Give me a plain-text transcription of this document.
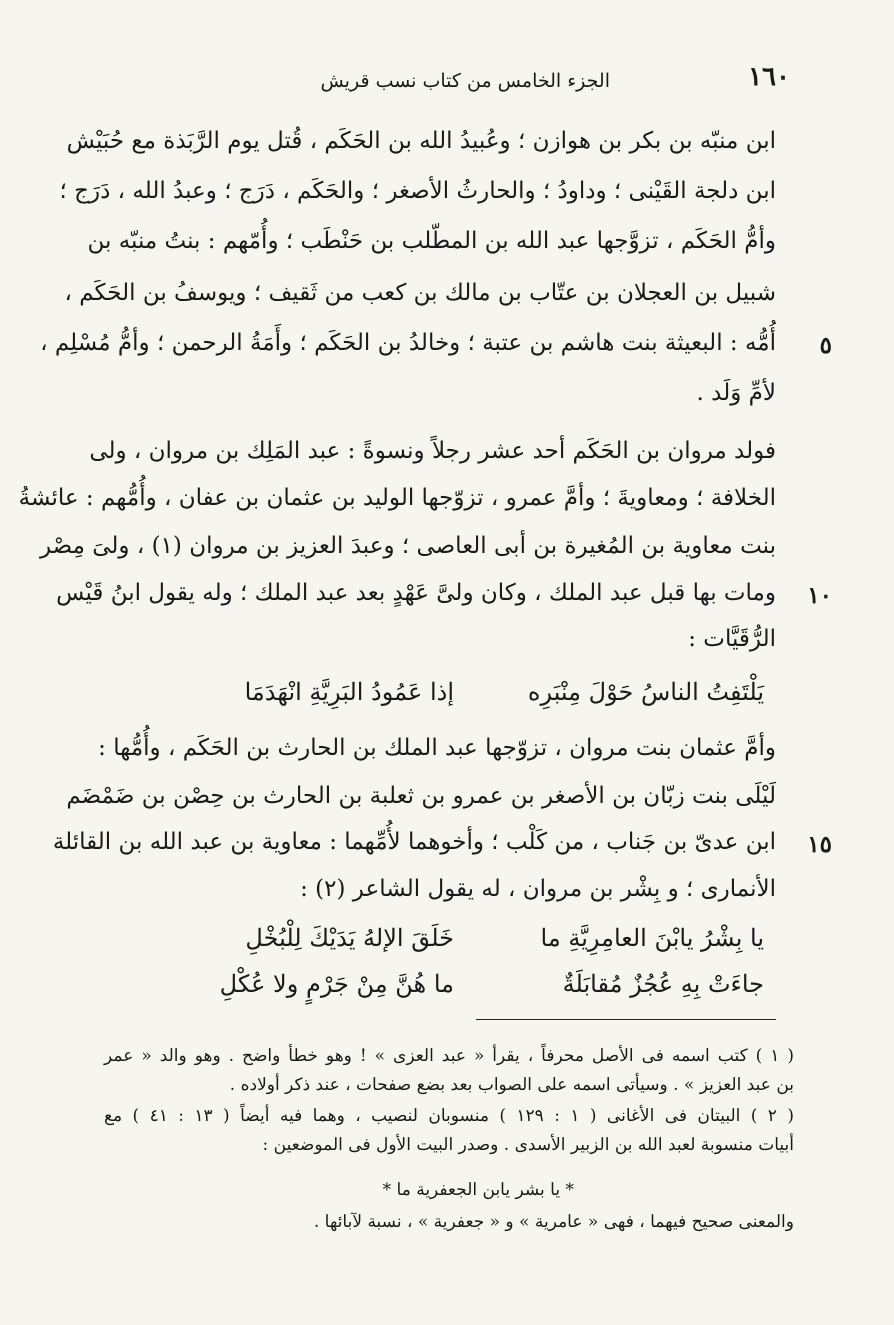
١٦٠
الجزء الخامس من كتاب نسب قريش
ابن منبّه بن بكر بن هوازن ؛ وعُبيدُ الله بن الحَكَم ، قُتل يوم الرَّبَذة مع حُبَيْش
ابن دلجة القَيْنى ؛ وداودُ ؛ والحارثُ الأصغر ؛ والحَكَم ، دَرَج ؛ وعبدُ الله ، دَرَج ؛
وأمُّ الحَكَم ، تزوَّجها عبد الله بن المطّلب بن حَنْطَب ؛ وأُمّهم : بنتُ منبّه بن
شبيل بن العجلان بن عتّاب بن مالك بن كعب من ثَقيف ؛ ويوسفُ بن الحَكَم ،
أُمُّه : البعيثة بنت هاشم بن عتبة ؛ وخالدُ بن الحَكَم ؛ وأَمَةُ الرحمن ؛ وأمُّ مُسْلِم ،
لأمِّ وَلَد .
فولد مروان بن الحَكَم أحد عشر رجلاً ونسوةً : عبد المَلِك بن مروان ، ولى
الخلافة ؛ ومعاويةَ ؛ وأمَّ عمرو ، تزوّجها الوليد بن عثمان بن عفان ، وأُمُّهم : عائشةُ
بنت معاوية بن المُغيرة بن أبى العاصى ؛ وعبدَ العزيز بن مروان (١) ، ولىَ مِصْر
ومات بها قبل عبد الملك ، وكان ولىَّ عَهْدٍ بعد عبد الملك ؛ وله يقول ابنُ قَيْس
الرُّقَيَّات :
يَلْتَفِتُ الناسُ حَوْلَ مِنْبَرِه
إذا عَمُودُ البَرِيَّةِ انْهَدَمَا
وأمَّ عثمان بنت مروان ، تزوّجها عبد الملك بن الحارث بن الحَكَم ، وأُمُّها :
لَيْلَى بنت زبّان بن الأصغر بن عمرو بن ثعلبة بن الحارث بن حِصْن بن ضَمْضَم
ابن عدىّ بن جَناب ، من كَلْب ؛ وأخوهما لأُمِّهما : معاوية بن عبد الله بن القائلة
الأنمارى ؛ و بِشْر بن مروان ، له يقول الشاعر (٢) :
يا بِشْرُ يابْنَ العامِرِيَّةِ ما
خَلَقَ الإلهُ يَدَيْكَ لِلْبُخْلِ
جاءَتْ بِهِ عُجُزٌ مُقابَلَةٌ
ما هُنَّ مِنْ جَرْمٍ ولا عُكْلِ
٥
١٠
١٥
( ١ ) كتب اسمه فى الأصل محرفاً ، يقرأ « عبد العزى » ! وهو خطأ واضح . وهو والد « عمر
بن عبد العزيز » . وسيأتى اسمه على الصواب بعد بضع صفحات ، عند ذكر أولاده .
( ٢ ) البيتان فى الأغانى ( ١ : ١٢٩ ) منسوبان لنصيب ، وهما فيه أيضاً ( ١٣ : ٤١ ) مع
أبيات منسوبة لعبد الله بن الزبير الأسدى . وصدر البيت الأول فى الموضعين :
* يا بشر يابن الجعفرية ما *
والمعنى صحيح فيهما ، فهى « عامرية » و « جعفرية » ، نسبة لآبائها .
